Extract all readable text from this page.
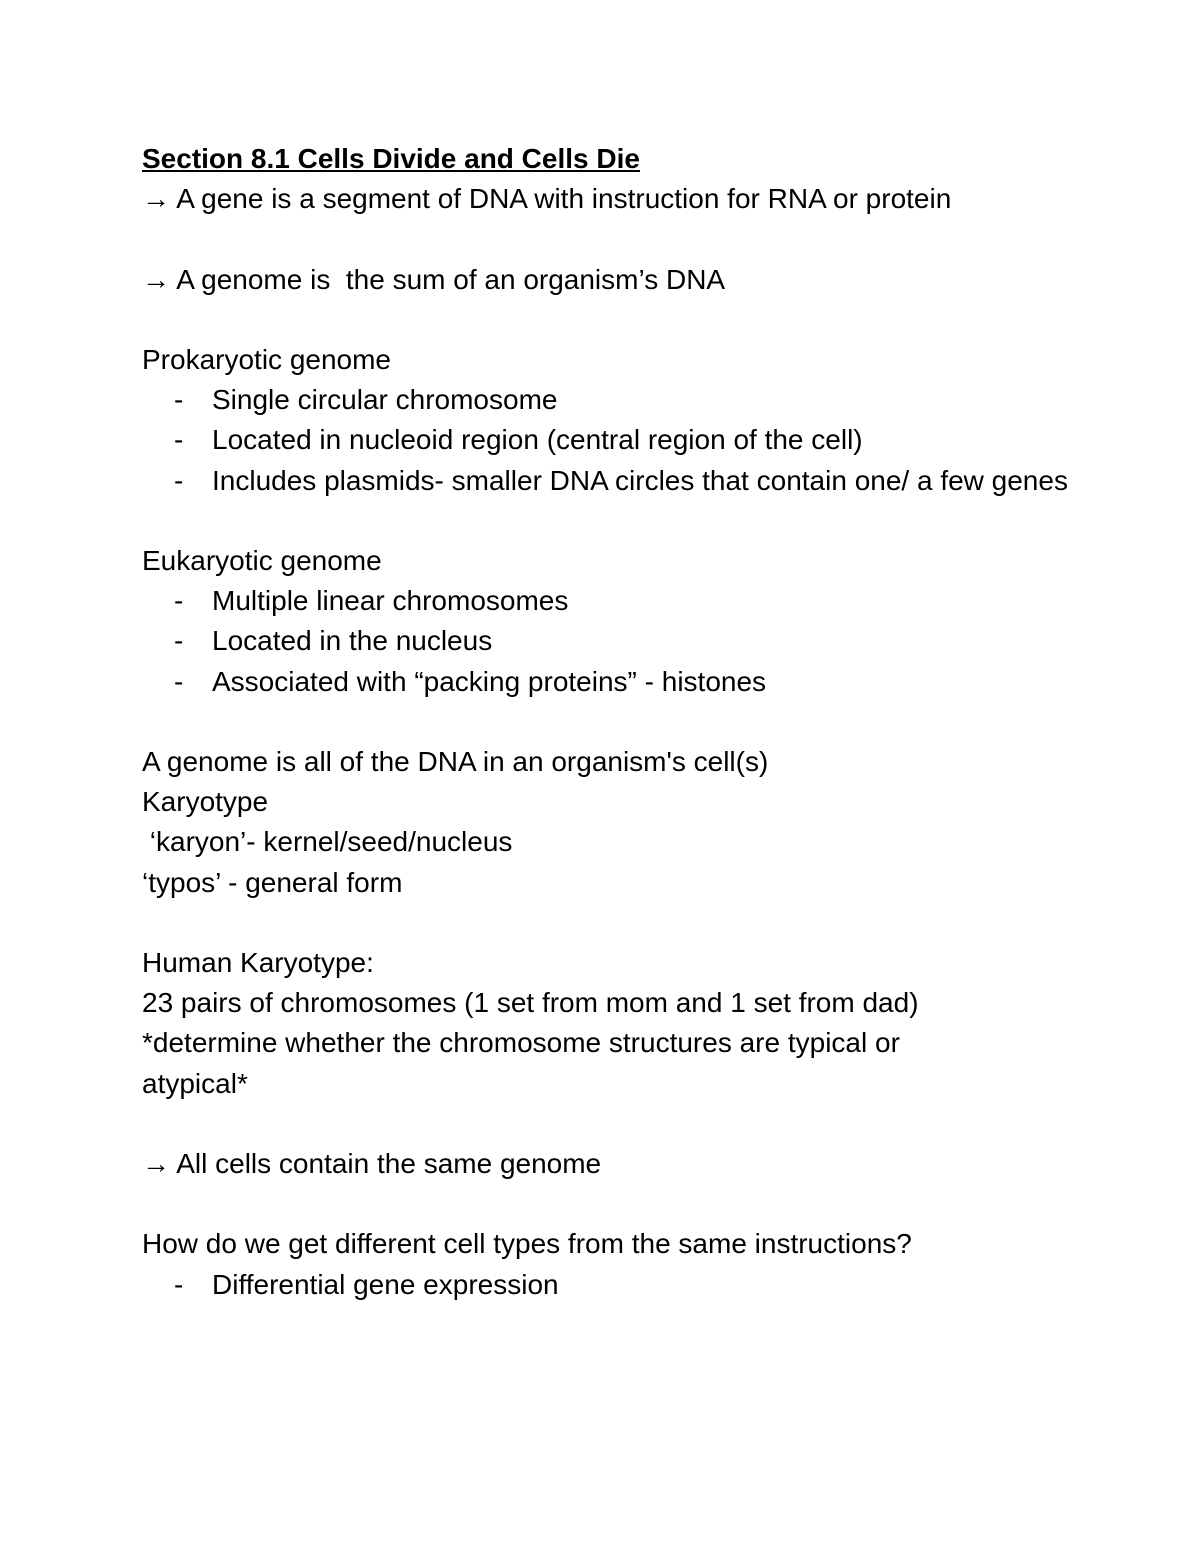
Section 8.1 Cells Divide and Cells Die
→ A gene is a segment of DNA with instruction for RNA or protein
→ A genome is  the sum of an organism’s DNA
Prokaryotic genome
- Single circular chromosome
- Located in nucleoid region (central region of the cell)
- Includes plasmids- smaller DNA circles that contain one/ a few genes
Eukaryotic genome
- Multiple linear chromosomes
- Located in the nucleus
- Associated with “packing proteins” - histones
A genome is all of the DNA in an organism's cell(s)
Karyotype
‘karyon’- kernel/seed/nucleus
‘typos’ - general form
Human Karyotype:
23 pairs of chromosomes (1 set from mom and 1 set from dad)
*determine whether the chromosome structures are typical or
atypical*
→ All cells contain the same genome
How do we get different cell types from the same instructions?
- Differential gene expression
